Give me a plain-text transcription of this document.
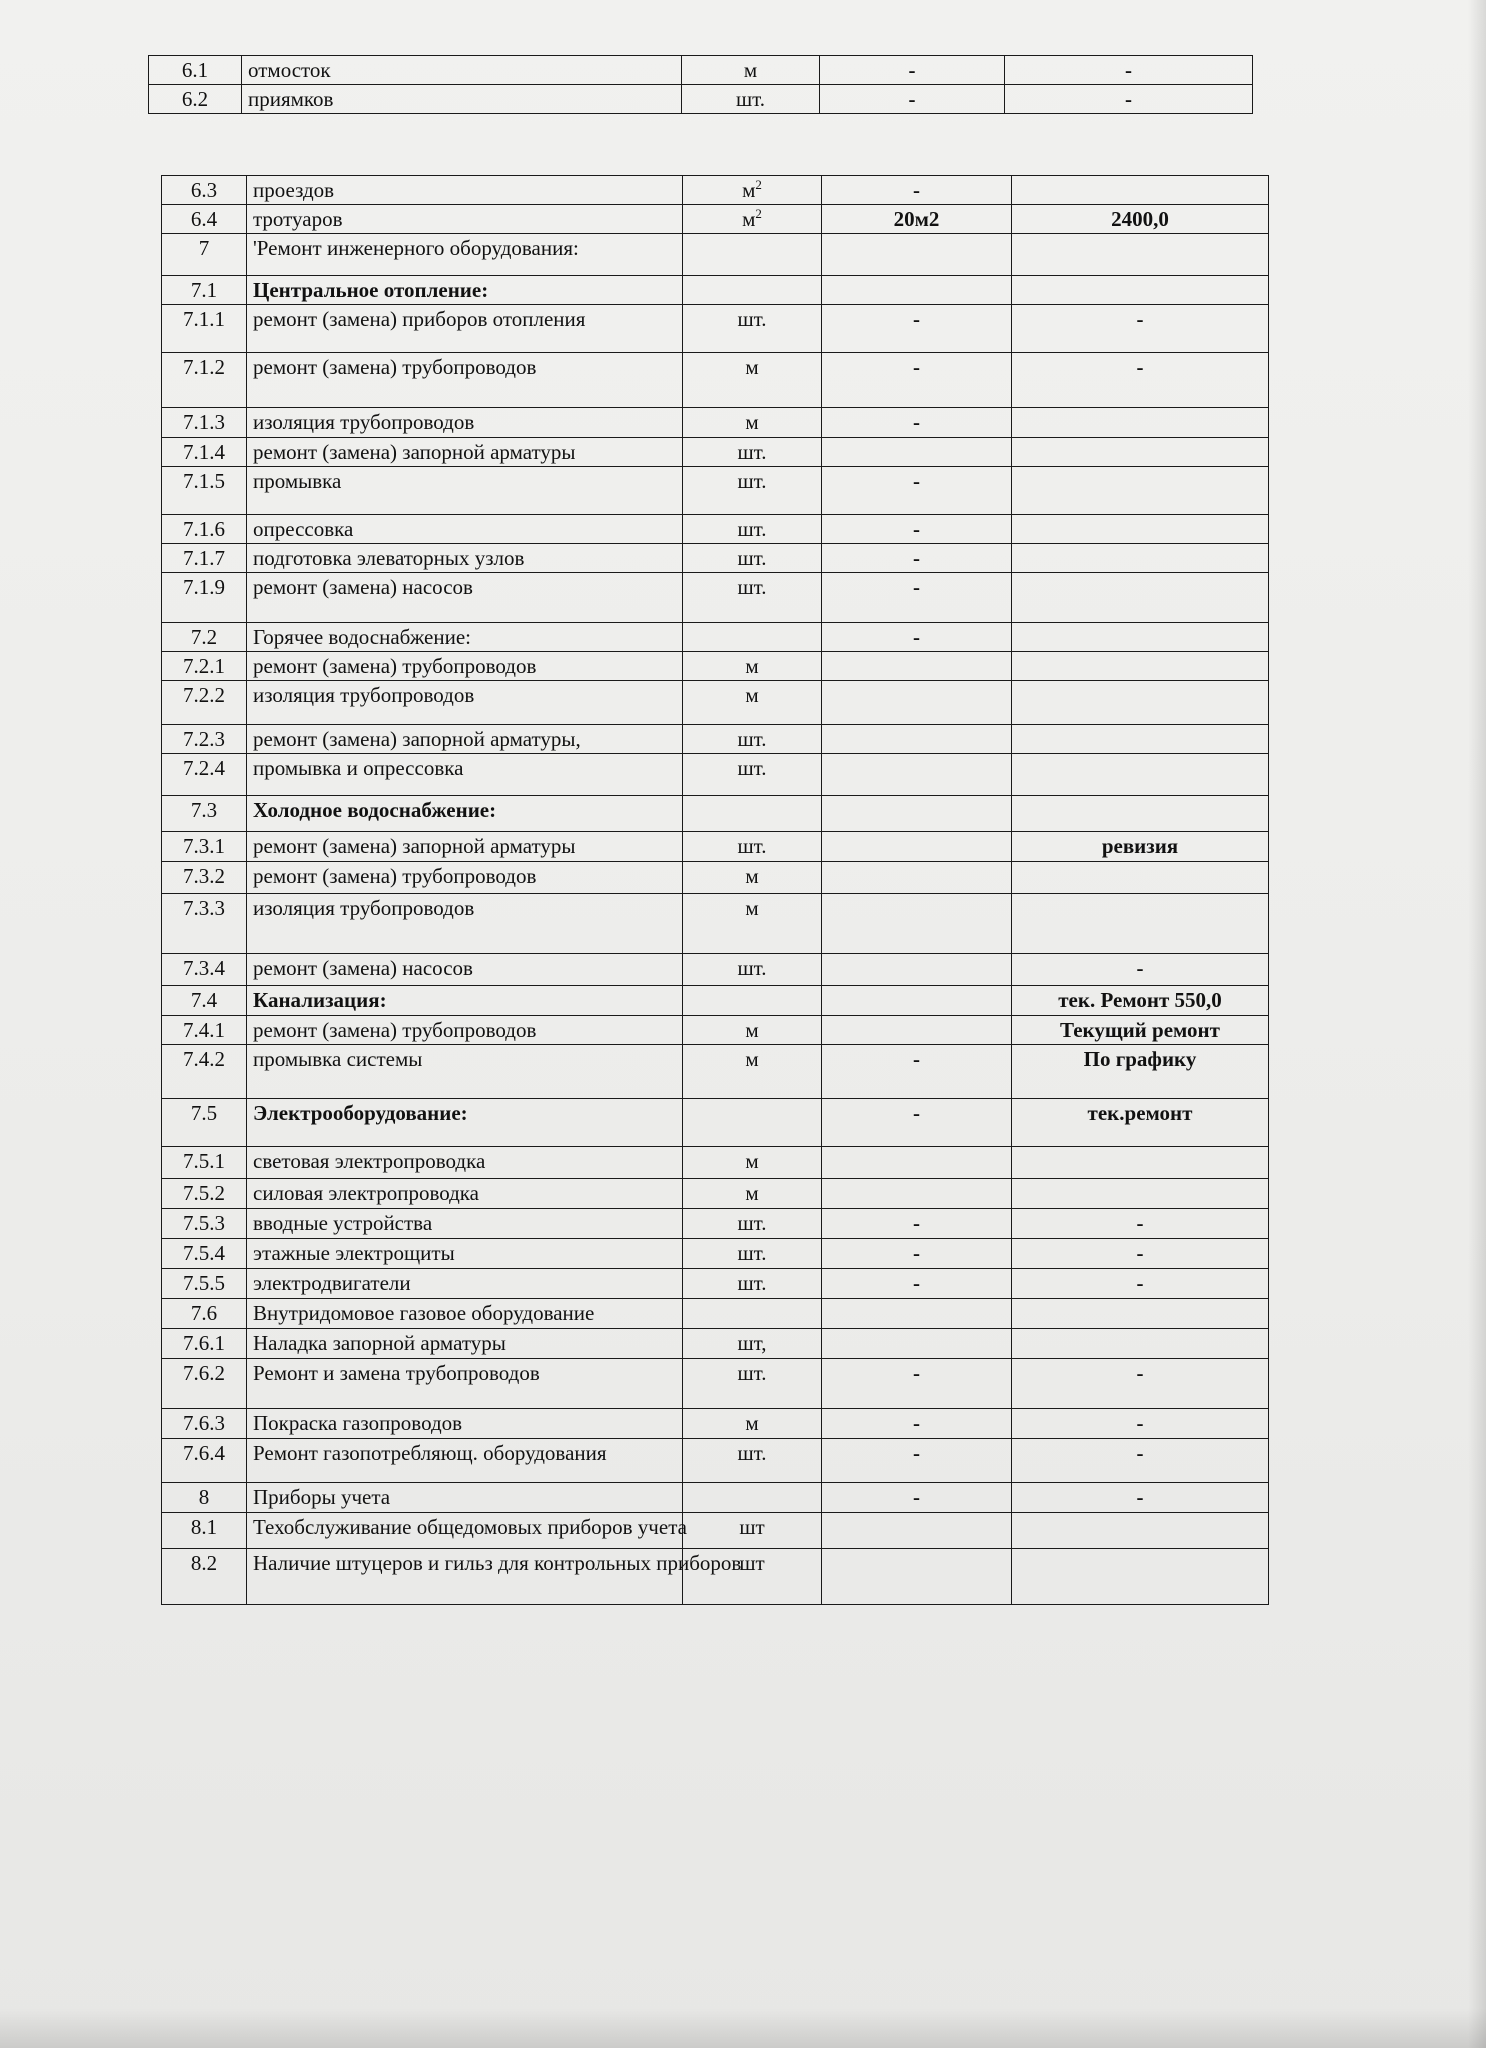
6.1	отмосток	м	-	-
6.2	приямков	шт.	-	-
6.3	проездов	$м^2$	-	
6.4	тротуаров	$м^2$	20м2	2400,0
7	'Ремонт инженерного оборудования:			
7.1	Центральное отопление:			
7.1.1	ремонт (замена) приборов отопления	шт.	-	-
7.1.2	ремонт (замена) трубопроводов	м	-	-
7.1.3	изоляция трубопроводов	м	-	
7.1.4	ремонт (замена) запорной арматуры	шт.		
7.1.5	промывка	шт.	-	
7.1.6	опрессовка	шт.	-	
7.1.7	подготовка элеваторных узлов	шт.	-	
7.1.9	ремонт (замена) насосов	шт.	-	
7.2	Горячее водоснабжение:		-	
7.2.1	ремонт (замена) трубопроводов	м		
7.2.2	изоляция трубопроводов	м		
7.2.3	ремонт (замена) запорной арматуры,	шт.		
7.2.4	промывка и опрессовка	шт.		
7.3	Холодное водоснабжение:			
7.3.1	ремонт (замена) запорной арматуры	шт.		ревизия
7.3.2	ремонт (замена) трубопроводов	м		
7.3.3	изоляция трубопроводов	м		
7.3.4	ремонт (замена) насосов	шт.		-
7.4	Канализация:			тек. Ремонт 550,0
7.4.1	ремонт (замена) трубопроводов	м		Текущий ремонт
7.4.2	промывка системы	м	-	По графику
7.5	Электрооборудование:		-	тек.ремонт
7.5.1	световая электропроводка	м		
7.5.2	силовая электропроводка	м		
7.5.3	вводные устройства	шт.	-	-
7.5.4	этажные электрощиты	шт.	-	-
7.5.5	электродвигатели	шт.	-	-
7.6	Внутридомовое газовое оборудование			
7.6.1	Наладка запорной арматуры	шт,		
7.6.2	Ремонт и замена трубопроводов	шт.	-	-
7.6.3	Покраска газопроводов	м	-	-
7.6.4	Ремонт газопотребляющ. оборудования	шт.	-	-
8	Приборы учета		-	-
8.1	Техобслуживание общедомовых приборов учета	шт		
8.2	Наличие штуцеров и гильз для контрольных приборов	шт		
